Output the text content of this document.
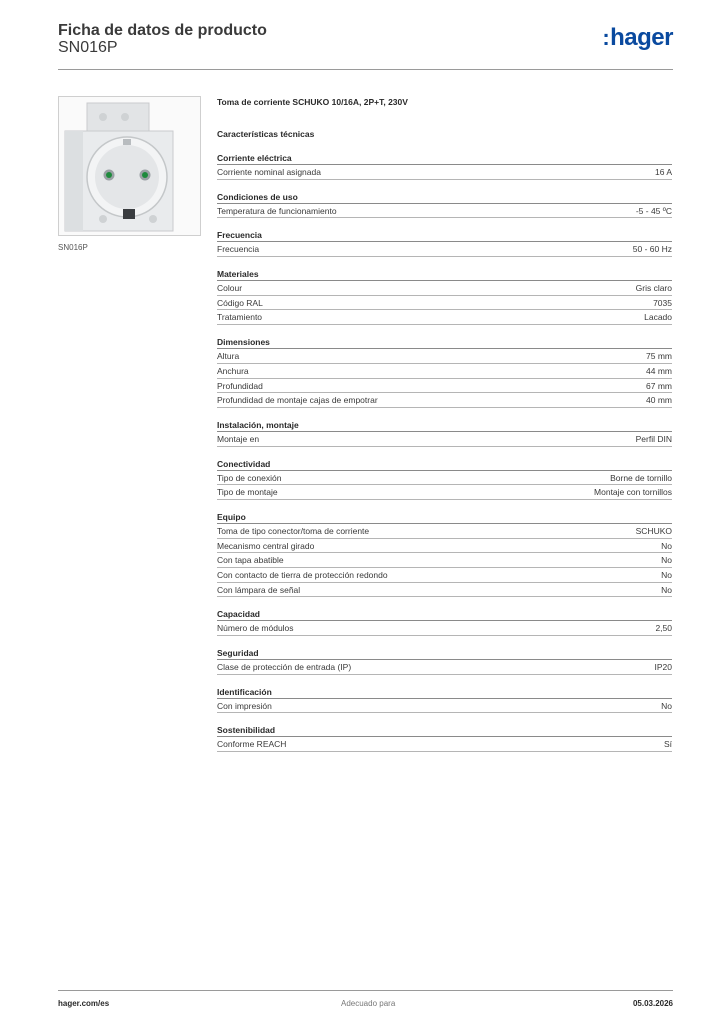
Ficha de datos de producto
SN016P	:hager
SN016P
Toma de corriente SCHUKO 10/16A, 2P+T, 230V
Características técnicas
Corriente eléctrica
Corriente nominal asignada	16 A
Condiciones de uso
Temperatura de funcionamiento	-5 - 45 ºC
Frecuencia
Frecuencia	50 - 60 Hz
Materiales
Colour	Gris claro
Código RAL	7035
Tratamiento	Lacado
Dimensiones
Altura	75 mm
Anchura	44 mm
Profundidad	67 mm
Profundidad de montaje cajas de empotrar	40 mm
Instalación, montaje
Montaje en	Perfil DIN
Conectividad
Tipo de conexión	Borne de tornillo
Tipo de montaje	Montaje con tornillos
Equipo
Toma de tipo conector/toma de corriente	SCHUKO
Mecanismo central girado	No
Con tapa abatible	No
Con contacto de tierra de protección redondo	No
Con lámpara de señal	No
Capacidad
Número de módulos	2,50
Seguridad
Clase de protección de entrada (IP)	IP20
Identificación
Con impresión	No
Sostenibilidad
Conforme REACH	Sí
hager.com/es	Adecuado para	05.03.2026
